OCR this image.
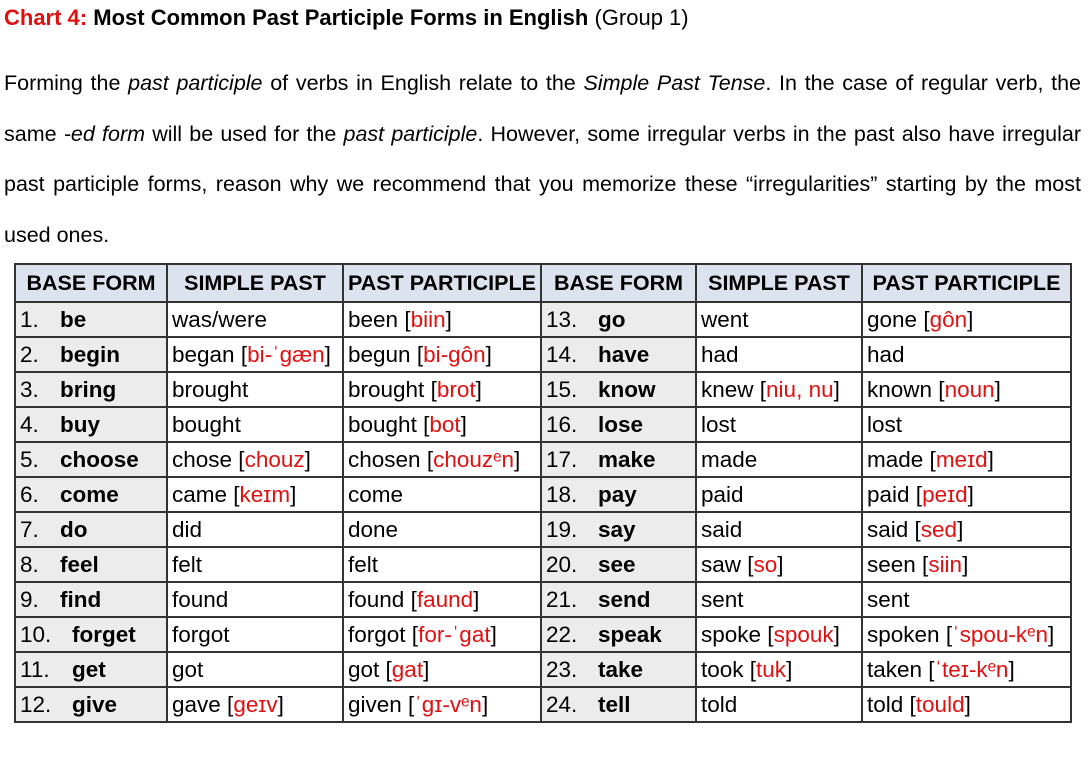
Chart 4: Most Common Past Participle Forms in English (Group 1)

Forming the past participle of verbs in English relate to the Simple Past Tense. In the case of regular verb, the same -ed form will be used for the past participle. However, some irregular verbs in the past also have irregular past participle forms, reason why we recommend that you memorize these “irregularities” starting by the most used ones.

BASE FORM	SIMPLE PAST	PAST PARTICIPLE	BASE FORM	SIMPLE PAST	PAST PARTICIPLE
1. be	was/were	been [biin]	13. go	went	gone [gôn]
2. begin	began [bi-ˈgæn]	begun [bi-gôn]	14. have	had	had
3. bring	brought	brought [brot]	15. know	knew [niu, nu]	known [noun]
4. buy	bought	bought [bot]	16. lose	lost	lost
5. choose	chose [chouz]	chosen [chouzᵉn]	17. make	made	made [meɪd]
6. come	came [keɪm]	come	18. pay	paid	paid [peɪd]
7. do	did	done	19. say	said	said [sed]
8. feel	felt	felt	20. see	saw [so]	seen [siin]
9. find	found	found [faund]	21. send	sent	sent
10. forget	forgot	forgot [for-ˈgat]	22. speak	spoke [spouk]	spoken [ˈspou-kᵉn]
11. get	got	got [gat]	23. take	took [tuk]	taken [ˈteɪ-kᵉn]
12. give	gave [geɪv]	given [ˈgɪ-vᵉn]	24. tell	told	told [tould]
